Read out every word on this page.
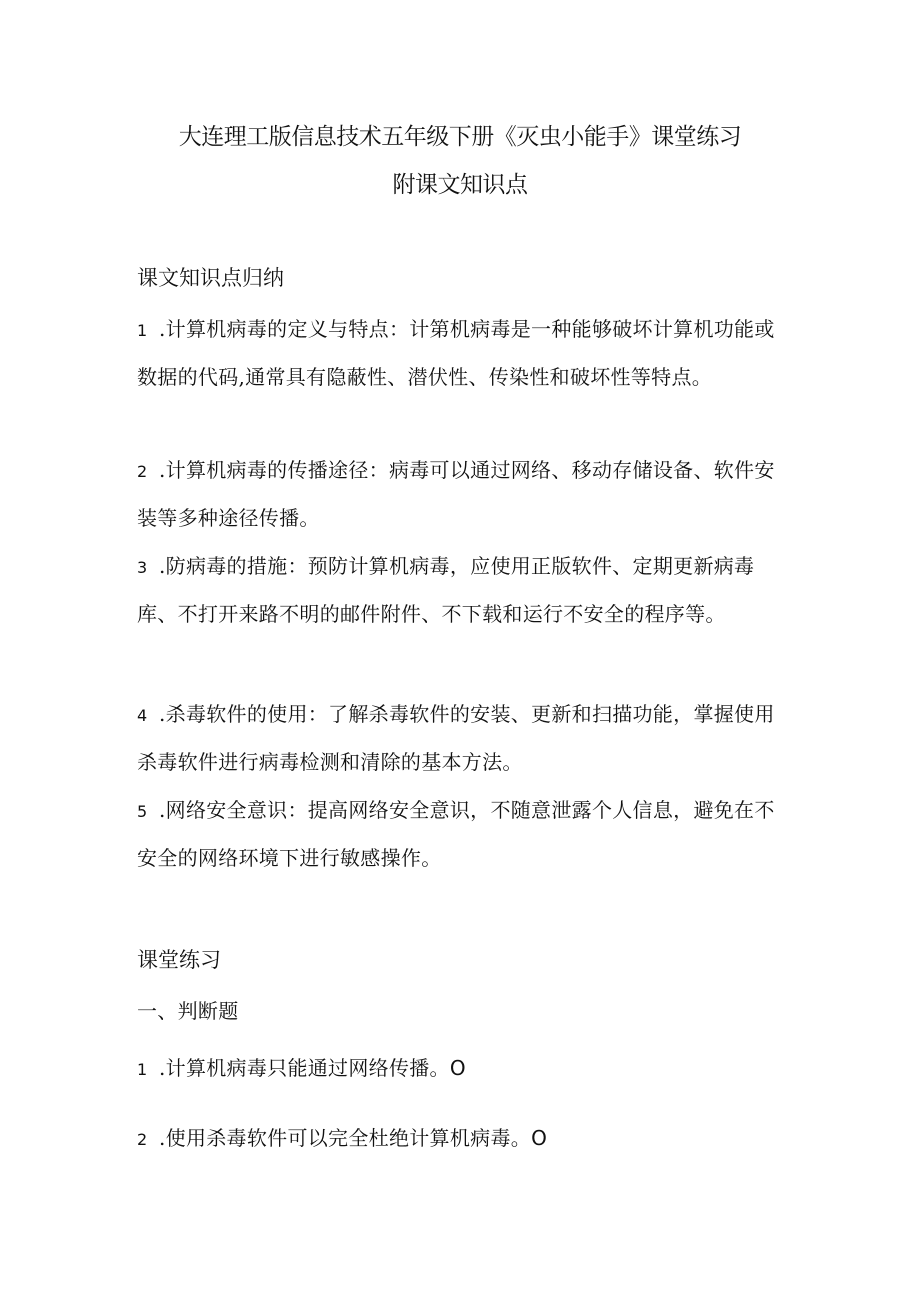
大连理工版信息技术五年级下册《灭虫小能手》课堂练习
附课文知识点
课文知识点归纳
1 .计算机病毒的定义与特点：计第机病毒是一种能够破坏计算机功能或数据的代码,通常具有隐蔽性、潜伏性、传染性和破坏性等特点。
2 .计算机病毒的传播途径：病毒可以通过网络、移动存储设备、软件安装等多种途径传播。
3 .防病毒的措施：预防计算机病毒，应使用正版软件、定期更新病毒库、不打开来路不明的邮件附件、不下载和运行不安全的程序等。
4 .杀毒软件的使用：了解杀毒软件的安装、更新和扫描功能，掌握使用杀毒软件进行病毒检测和清除的基本方法。
5 .网络安全意识：提高网络安全意识，不随意泄露个人信息，避免在不安全的网络环境下进行敏感操作。
课堂练习
一、判断题
1 .计算机病毒只能通过网络传播。O
2 .使用杀毒软件可以完全杜绝计算机病毒。O
